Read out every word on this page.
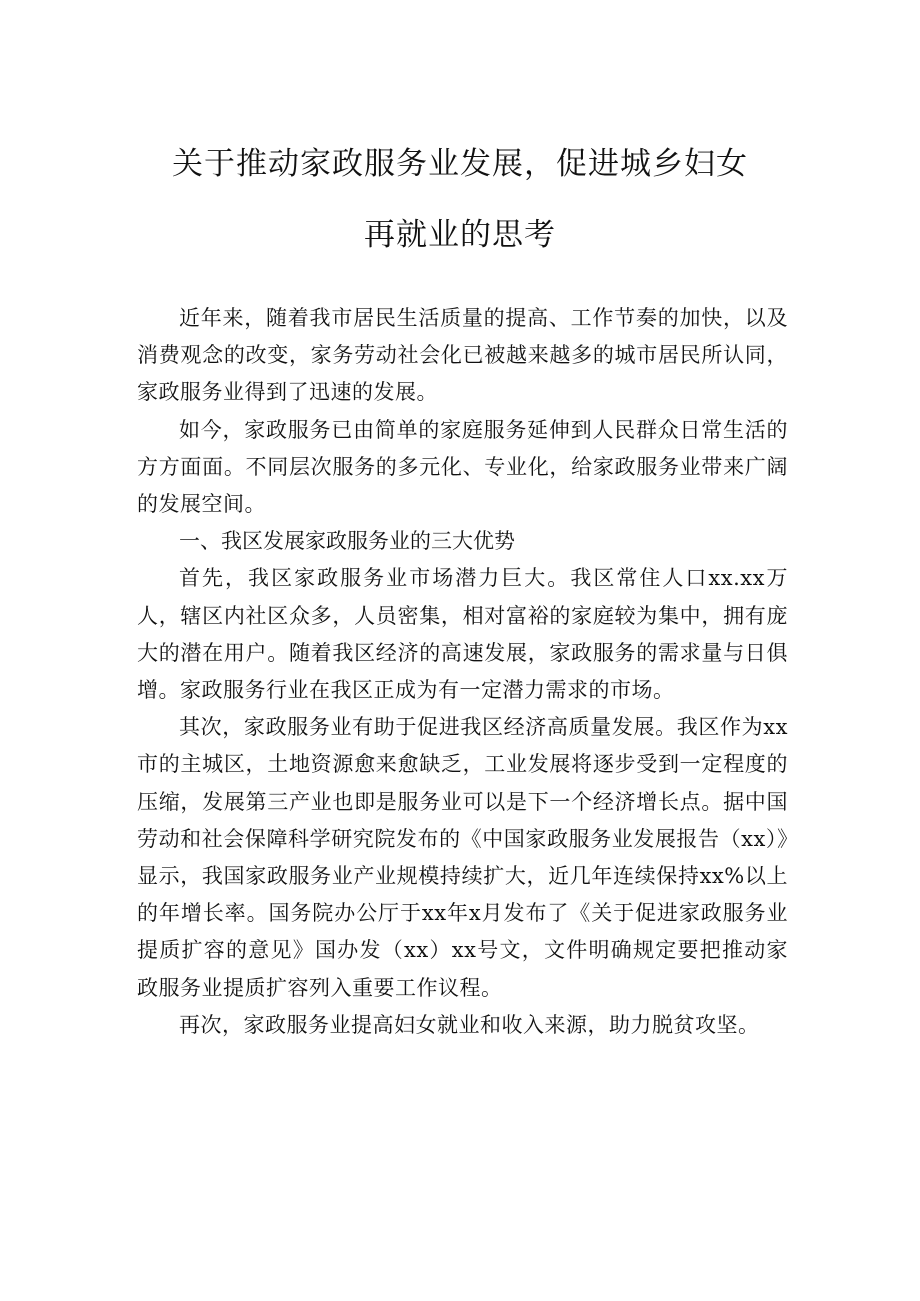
关于推动家政服务业发展，促进城乡妇女
再就业的思考

近年来，随着我市居民生活质量的提高、工作节奏的加快，以及消费观念的改变，家务劳动社会化已被越来越多的城市居民所认同，家政服务业得到了迅速的发展。

如今，家政服务已由简单的家庭服务延伸到人民群众日常生活的方方面面。不同层次服务的多元化、专业化，给家政服务业带来广阔的发展空间。

一、我区发展家政服务业的三大优势

首先，我区家政服务业市场潜力巨大。我区常住人口xx.xx万人，辖区内社区众多，人员密集，相对富裕的家庭较为集中，拥有庞大的潜在用户。随着我区经济的高速发展，家政服务的需求量与日俱增。家政服务行业在我区正成为有一定潜力需求的市场。

其次，家政服务业有助于促进我区经济高质量发展。我区作为xx市的主城区，土地资源愈来愈缺乏，工业发展将逐步受到一定程度的压缩，发展第三产业也即是服务业可以是下一个经济增长点。据中国劳动和社会保障科学研究院发布的《中国家政服务业发展报告（xx）》显示，我国家政服务业产业规模持续扩大，近几年连续保持xx%以上的年增长率。国务院办公厅于xx年x月发布了《关于促进家政服务业提质扩容的意见》国办发（xx）xx号文，文件明确规定要把推动家政服务业提质扩容列入重要工作议程。

再次，家政服务业提高妇女就业和收入来源，助力脱贫攻坚。
